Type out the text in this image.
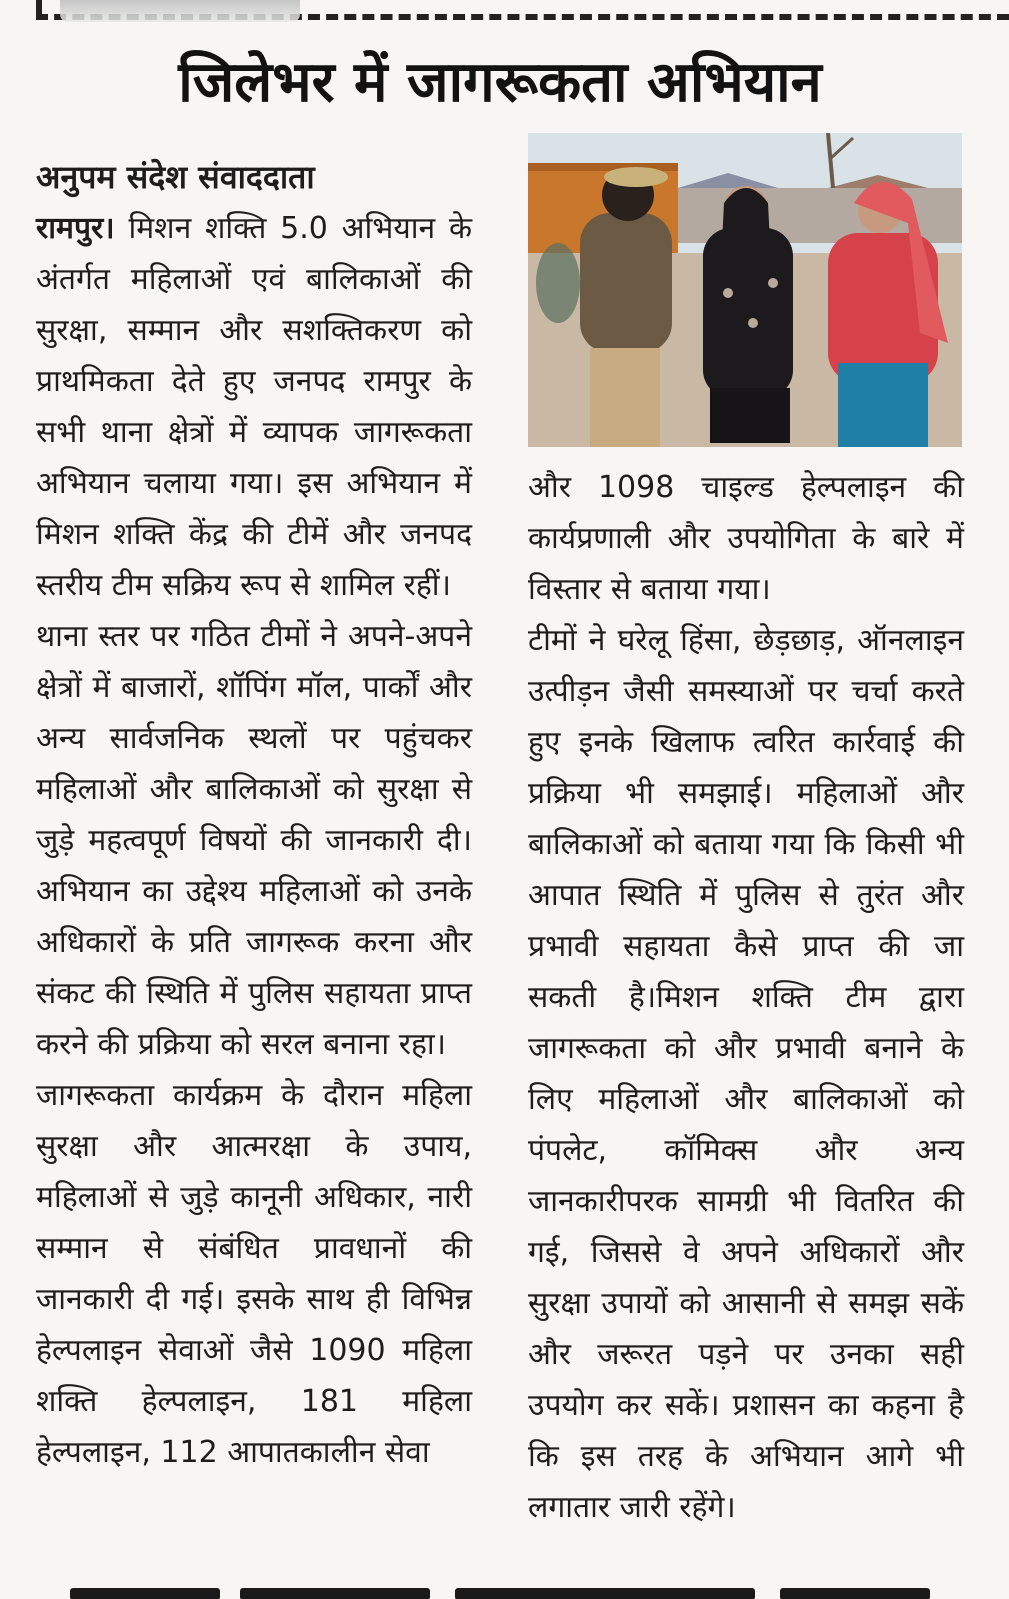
जिलेभर में जागरूकता अभियान
अनुपम संदेश संवाददाता

रामपुर। मिशन शक्ति 5.0 अभियान के अंतर्गत महिलाओं एवं बालिकाओं की सुरक्षा, सम्मान और सशक्तिकरण को प्राथमिकता देते हुए जनपद रामपुर के सभी थाना क्षेत्रों में व्यापक जागरूकता अभियान चलाया गया। इस अभियान में मिशन शक्ति केंद्र की टीमें और जनपद स्तरीय टीम सक्रिय रूप से शामिल रहीं।

थाना स्तर पर गठित टीमों ने अपने-अपने क्षेत्रों में बाजारों, शॉपिंग मॉल, पार्कों और अन्य सार्वजनिक स्थलों पर पहुंचकर महिलाओं और बालिकाओं को सुरक्षा से जुड़े महत्वपूर्ण विषयों की जानकारी दी। अभियान का उद्देश्य महिलाओं को उनके अधिकारों के प्रति जागरूक करना और संकट की स्थिति में पुलिस सहायता प्राप्त करने की प्रक्रिया को सरल बनाना रहा।

जागरूकता कार्यक्रम के दौरान महिला सुरक्षा और आत्मरक्षा के उपाय, महिलाओं से जुड़े कानूनी अधिकार, नारी सम्मान से संबंधित प्रावधानों की जानकारी दी गई। इसके साथ ही विभिन्न हेल्पलाइन सेवाओं जैसे 1090 महिला शक्ति हेल्पलाइन, 181 महिला हेल्पलाइन, 112 आपातकालीन सेवा

और 1098 चाइल्ड हेल्पलाइन की कार्यप्रणाली और उपयोगिता के बारे में विस्तार से बताया गया।

टीमों ने घरेलू हिंसा, छेड़छाड़, ऑनलाइन उत्पीड़न जैसी समस्याओं पर चर्चा करते हुए इनके खिलाफ त्वरित कार्रवाई की प्रक्रिया भी समझाई। महिलाओं और बालिकाओं को बताया गया कि किसी भी आपात स्थिति में पुलिस से तुरंत और प्रभावी सहायता कैसे प्राप्त की जा सकती है।मिशन शक्ति टीम द्वारा जागरूकता को और प्रभावी बनाने के लिए महिलाओं और बालिकाओं को पंपलेट, कॉमिक्स और अन्य जानकारीपरक सामग्री भी वितरित की गई, जिससे वे अपने अधिकारों और सुरक्षा उपायों को आसानी से समझ सकें और जरूरत पड़ने पर उनका सही उपयोग कर सकें। प्रशासन का कहना है कि इस तरह के अभियान आगे भी लगातार जारी रहेंगे।
